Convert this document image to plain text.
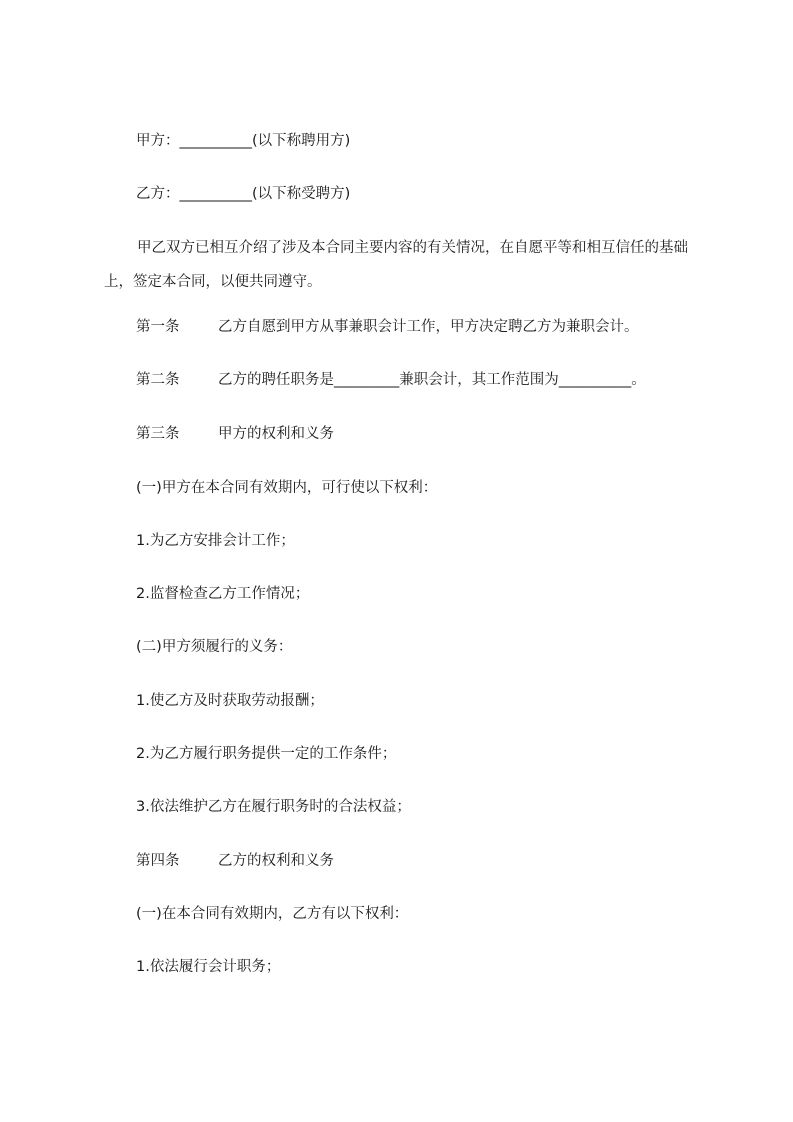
甲方：__________(以下称聘用方)
乙方：__________(以下称受聘方)
甲乙双方已相互介绍了涉及本合同主要内容的有关情况，在自愿平等和相互信任的基础上，签定本合同，以便共同遵守。
第一条	乙方自愿到甲方从事兼职会计工作，甲方决定聘乙方为兼职会计。
第二条	乙方的聘任职务是_________兼职会计，其工作范围为__________。
第三条	甲方的权利和义务
(一)甲方在本合同有效期内，可行使以下权利：
1.为乙方安排会计工作；
2.监督检查乙方工作情况；
(二)甲方须履行的义务：
1.使乙方及时获取劳动报酬；
2.为乙方履行职务提供一定的工作条件；
3.依法维护乙方在履行职务时的合法权益；
第四条	乙方的权利和义务
(一)在本合同有效期内，乙方有以下权利：
1.依法履行会计职务；
